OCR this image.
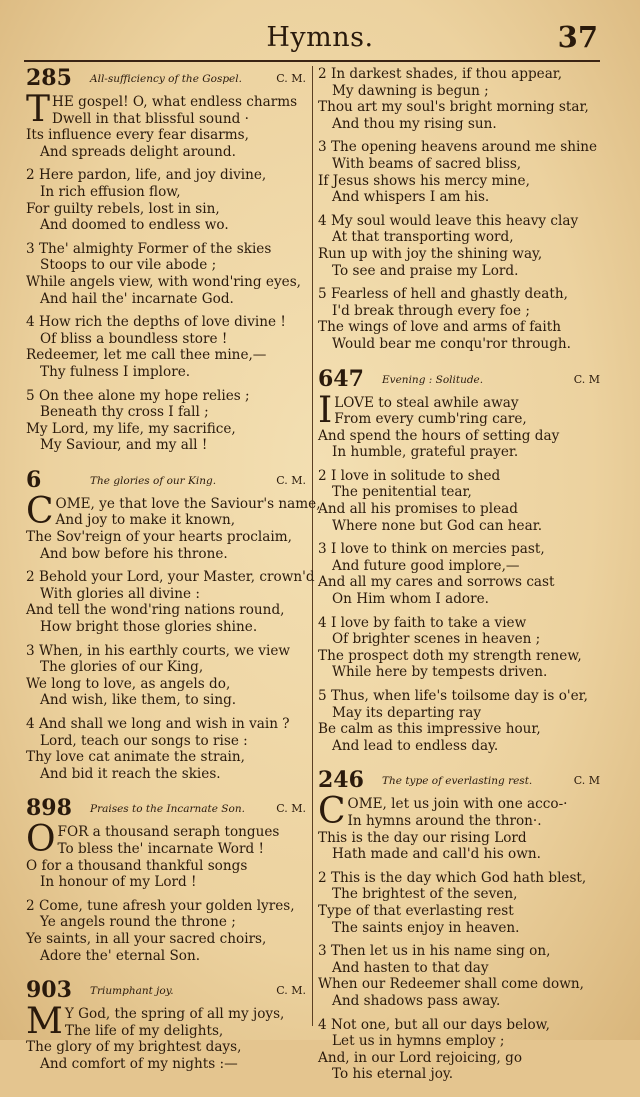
Hymns.	37
285 All-sufficiency of the Gospel.	C. M.
THE gospel! O, what endless charms
Dwell in that blissful sound ·
Its influence every fear disarms,
And spreads delight around.
2 Here pardon, life, and joy divine,
In rich effusion flow,
For guilty rebels, lost in sin,
And doomed to endless wo.
3 The' almighty Former of the skies
Stoops to our vile abode ;
While angels view, with wond'ring eyes,
And hail the' incarnate God.
4 How rich the depths of love divine !
Of bliss a boundless store !
Redeemer, let me call thee mine,—
Thy fulness I implore.
5 On thee alone my hope relies ;
Beneath thy cross I fall ;
My Lord, my life, my sacrifice,
My Saviour, and my all !
6	The glories of our King.	C. M.
COME, ye that love the Saviour's name,
And joy to make it known,
The Sov'reign of your hearts proclaim,
And bow before his throne.
2 Behold your Lord, your Master, crown'd
With glories all divine :
And tell the wond'ring nations round,
How bright those glories shine.
3 When, in his earthly courts, we view
The glories of our King,
We long to love, as angels do,
And wish, like them, to sing.
4 And shall we long and wish in vain ?
Lord, teach our songs to rise :
Thy love cat animate the strain,
And bid it reach the skies.
898 Praises to the Incarnate Son.	C. M.
OFOR a thousand seraph tongues
To bless the' incarnate Word !
O for a thousand thankful songs
In honour of my Lord !
2 Come, tune afresh your golden lyres,
Ye angels round the throne ;
Ye saints, in all your sacred choirs,
Adore the' eternal Son.
903 Triumphant joy.	C. M.
M Y God, the spring of all my joys,
The life of my delights,
The glory of my brightest days,
And comfort of my nights :—
2 In darkest shades, if thou appear,
My dawning is begun ;
Thou art my soul's bright morning star,
And thou my rising sun.
3 The opening heavens around me shine
With beams of sacred bliss,
If Jesus shows his mercy mine,
And whispers I am his.
4 My soul would leave this heavy clay
At that transporting word,
Run up with joy the shining way,
To see and praise my Lord.
5 Fearless of hell and ghastly death,
I'd break through every foe ;
The wings of love and arms of faith
Would bear me conqu'ror through.
647 Evening : Solitude.	C. M
ILOVE to steal awhile away
From every cumb'ring care,
And spend the hours of setting day
In humble, grateful prayer.
2 I love in solitude to shed
The penitential tear,
And all his promises to plead
Where none but God can hear.
3 I love to think on mercies past,
And future good implore,—
And all my cares and sorrows cast
On Him whom I adore.
4 I love by faith to take a view
Of brighter scenes in heaven ;
The prospect doth my strength renew,
While here by tempests driven.
5 Thus, when life's toilsome day is o'er,
May its departing ray
Be calm as this impressive hour,
And lead to endless day.
246 The type of everlasting rest.	C. M
COME, let us join with one acco-·
In hymns around the thron·.
This is the day our rising Lord
Hath made and call'd his own.
2 This is the day which God hath blest,
The brightest of the seven,
Type of that everlasting rest
The saints enjoy in heaven.
3 Then let us in his name sing on,
And hasten to that day
When our Redeemer shall come down,
And shadows pass away.
4 Not one, but all our days below,
Let us in hymns employ ;
And, in our Lord rejoicing, go
To his eternal joy.
